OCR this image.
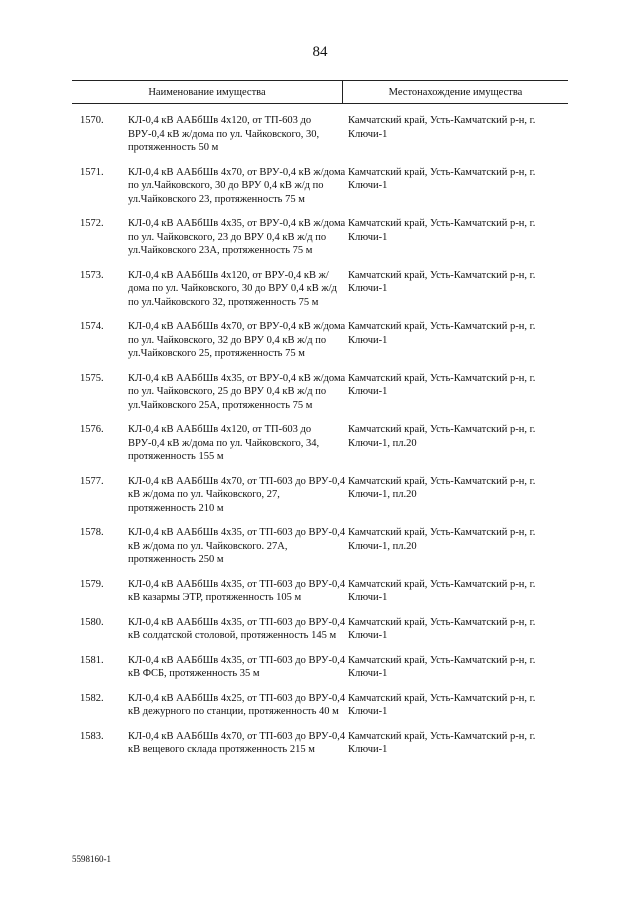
84
Наименование имущества	Местонахождение имущества
1570.	КЛ-0,4 кВ ААБбШв 4х120, от ТП-603 до ВРУ-0,4 кВ ж/дома по ул. Чайковского, 30, протяженность 50 м
Камчатский край, Усть-Камчатский р-н, г. Ключи-1
1571.	КЛ-0,4 кВ ААБбШв 4х70, от ВРУ-0,4 кВ ж/дома по ул.Чайковского, 30 до ВРУ 0,4 кВ ж/д по ул.Чайковского 23, протяженность 75 м
Камчатский край, Усть-Камчатский р-н, г. Ключи-1
1572.	КЛ-0,4 кВ ААБбШв 4х35, от ВРУ-0,4 кВ ж/дома по ул. Чайковского, 23 до ВРУ 0,4 кВ ж/д по ул.Чайковского 23А, протяженность 75 м
Камчатский край, Усть-Камчатский р-н, г. Ключи-1
1573.	КЛ-0,4 кВ ААБбШв 4х120, от ВРУ-0,4 кВ ж/дома по ул. Чайковского, 30 до ВРУ 0,4 кВ ж/д по ул.Чайковского 32, протяженность 75 м
Камчатский край, Усть-Камчатский р-н, г. Ключи-1
1574.	КЛ-0,4 кВ ААБбШв 4х70, от ВРУ-0,4 кВ ж/дома по ул. Чайковского, 32 до ВРУ 0,4 кВ ж/д по ул.Чайковского 25, протяженность 75 м
Камчатский край, Усть-Камчатский р-н, г. Ключи-1
1575.	КЛ-0,4 кВ ААБбШв 4х35, от ВРУ-0,4 кВ ж/дома по ул. Чайковского, 25 до ВРУ 0,4 кВ ж/д по ул.Чайковского 25А, протяженность 75 м
Камчатский край, Усть-Камчатский р-н, г. Ключи-1
1576.	КЛ-0,4 кВ ААБбШв 4х120, от ТП-603 до ВРУ-0,4 кВ ж/дома по ул. Чайковского, 34, протяженность 155 м
Камчатский край, Усть-Камчатский р-н, г. Ключи-1, пл.20
1577.	КЛ-0,4 кВ ААБбШв 4х70, от ТП-603 до ВРУ-0,4 кВ ж/дома по ул. Чайковского, 27, протяженность 210 м
Камчатский край, Усть-Камчатский р-н, г. Ключи-1, пл.20
1578.	КЛ-0,4 кВ ААБбШв 4х35, от ТП-603 до ВРУ-0,4 кВ ж/дома по ул. Чайковского. 27А, протяженность 250 м
Камчатский край, Усть-Камчатский р-н, г. Ключи-1, пл.20
1579.	КЛ-0,4 кВ ААБбШв 4х35, от ТП-603 до ВРУ-0,4 кВ казармы ЭТР, протяженность 105 м
Камчатский край, Усть-Камчатский р-н, г. Ключи-1
1580.	КЛ-0,4 кВ ААБбШв 4х35, от ТП-603 до ВРУ-0,4 кВ солдатской столовой, протяженность 145 м
Камчатский край, Усть-Камчатский р-н, г. Ключи-1
1581.	КЛ-0,4 кВ ААБбШв 4х35, от ТП-603 до ВРУ-0,4 кВ ФСБ, протяженность 35 м
Камчатский край, Усть-Камчатский р-н, г. Ключи-1
1582.	КЛ-0,4 кВ ААБбШв 4х25, от ТП-603 до ВРУ-0,4 кВ дежурного по станции, протяженность 40 м
Камчатский край, Усть-Камчатский р-н, г. Ключи-1
1583.	КЛ-0,4 кВ ААБбШв 4х70, от ТП-603 до ВРУ-0,4 кВ вещевого склада протяженность 215 м
Камчатский край, Усть-Камчатский р-н, г. Ключи-1
5598160-1
